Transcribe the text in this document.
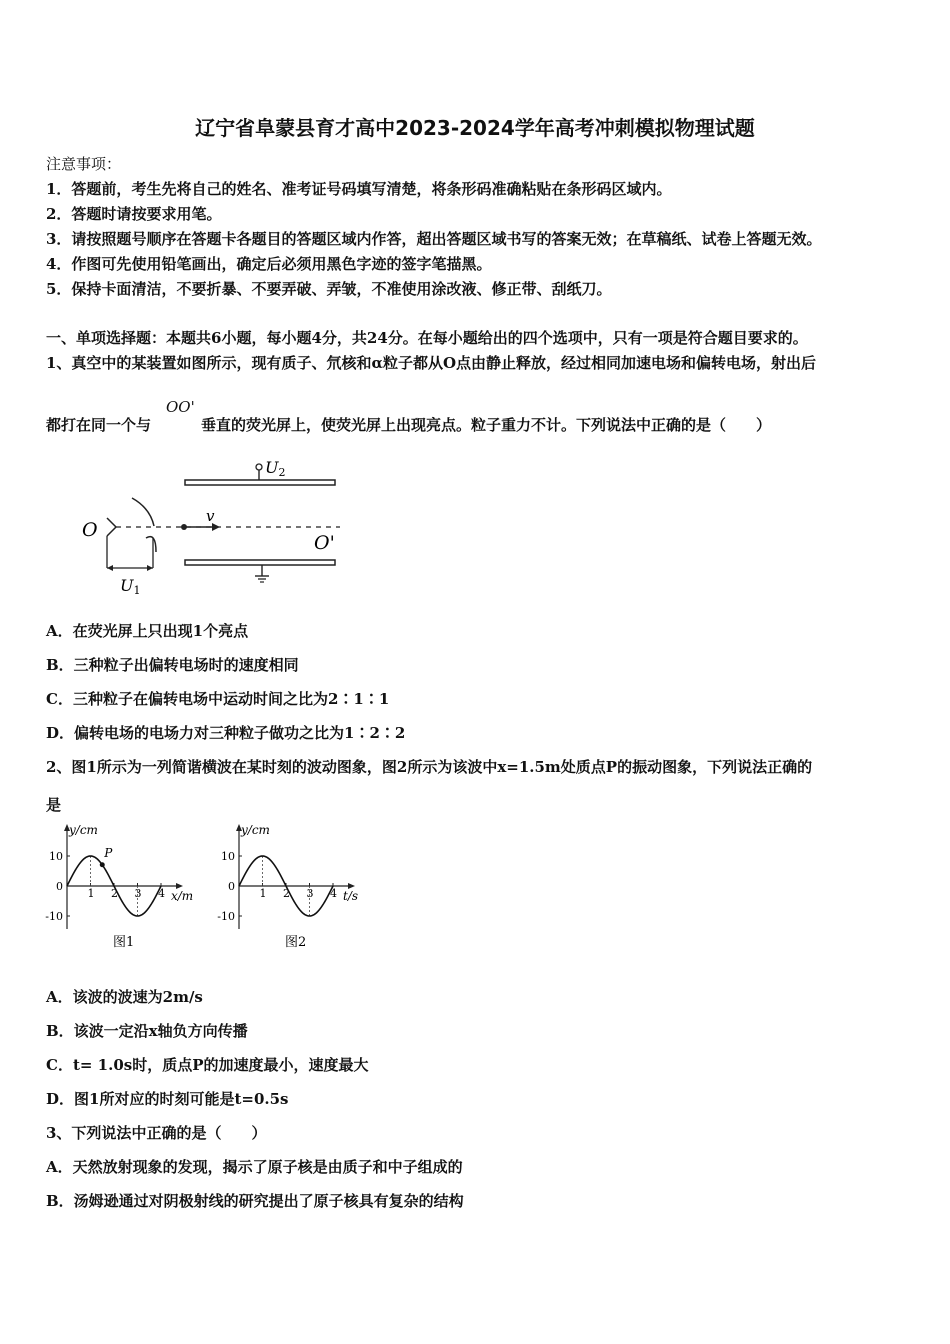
辽宁省阜蒙县育才高中2023-2024学年高考冲刺模拟物理试题
注意事项：
1．答题前，考生先将自己的姓名、准考证号码填写清楚，将条形码准确粘贴在条形码区域内。
2．答题时请按要求用笔。
3．请按照题号顺序在答题卡各题目的答题区域内作答，超出答题区域书写的答案无效；在草稿纸、试卷上答题无效。
4．作图可先使用铅笔画出，确定后必须用黑色字迹的签字笔描黑。
5．保持卡面清洁，不要折暴、不要弄破、弄皱，不准使用涂改液、修正带、刮纸刀。
一、单项选择题：本题共6小题，每小题4分，共24分。在每小题给出的四个选项中，只有一项是符合题目要求的。
1、真空中的某装置如图所示，现有质子、氘核和α粒子都从O点由静止释放，经过相同加速电场和偏转电场，射出后
都打在同一个与
OO'
垂直的荧光屏上，使荧光屏上出现亮点。粒子重力不计。下列说法中正确的是（　　）
U2
O
U1
v
O'
A．在荧光屏上只出现1个亮点
B．三种粒子出偏转电场时的速度相同
C．三种粒子在偏转电场中运动时间之比为2∶1∶1
D．偏转电场的电场力对三种粒子做功之比为1∶2∶2
2、图1所示为一列简谐横波在某时刻的波动图象，图2所示为该波中x=1.5m处质点P的振动图象，下列说法正确的
是
y/cm
x/m
10
0
-10
1 2 3 4
P
图1
y/cm
t/s
10
0
-10
1 2 3 4
图2
A．该波的波速为2m/s
B．该波一定沿x轴负方向传播
C．t= 1.0s时，质点P的加速度最小，速度最大
D．图1所对应的时刻可能是t=0.5s
3、下列说法中正确的是（　　）
A．天然放射现象的发现，揭示了原子核是由质子和中子组成的
B．汤姆逊通过对阴极射线的研究提出了原子核具有复杂的结构
